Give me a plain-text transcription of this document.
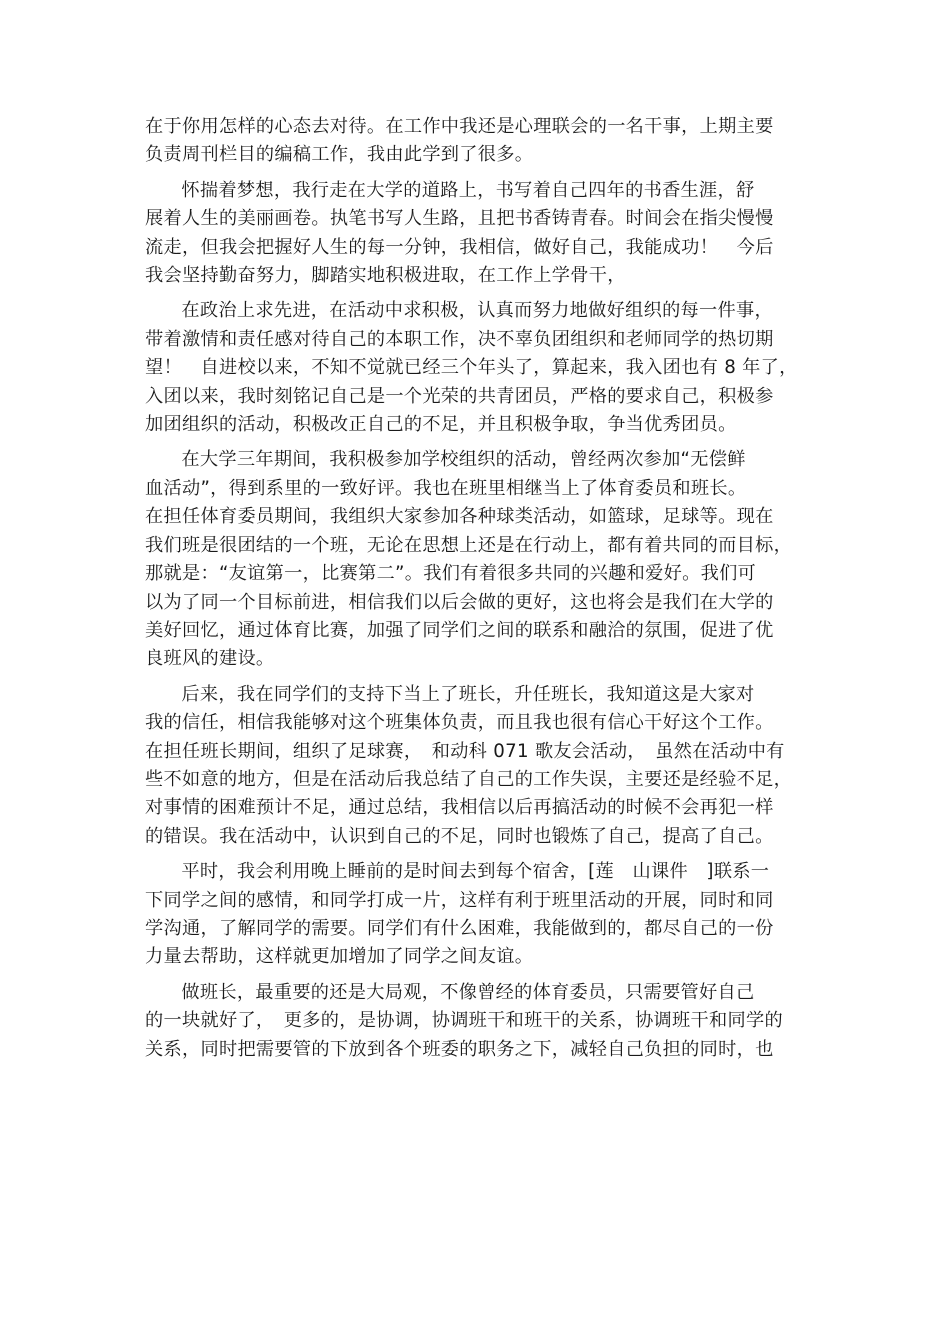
在于你用怎样的心态去对待。在工作中我还是心理联会的一名干事，上期主要
负责周刊栏目的编稿工作，我由此学到了很多。

怀揣着梦想，我行走在大学的道路上，书写着自己四年的书香生涯，舒
展着人生的美丽画卷。执笔书写人生路，且把书香铸青春。时间会在指尖慢慢
流走，但我会把握好人生的每一分钟，我相信，做好自己，我能成功！　今后
我会坚持勤奋努力，脚踏实地积极进取，在工作上学骨干，

在政治上求先进，在活动中求积极，认真而努力地做好组织的每一件事，
带着激情和责任感对待自己的本职工作，决不辜负团组织和老师同学的热切期
望！　自进校以来，不知不觉就已经三个年头了，算起来，我入团也有 8 年了，
入团以来，我时刻铭记自己是一个光荣的共青团员，严格的要求自己，积极参
加团组织的活动，积极改正自己的不足，并且积极争取，争当优秀团员。

在大学三年期间，我积极参加学校组织的活动，曾经两次参加“无偿鲜
血活动”，得到系里的一致好评。我也在班里相继当上了体育委员和班长。
在担任体育委员期间，我组织大家参加各种球类活动，如篮球，足球等。现在
我们班是很团结的一个班，无论在思想上还是在行动上，都有着共同的而目标，
那就是：“友谊第一，比赛第二”。我们有着很多共同的兴趣和爱好。我们可
以为了同一个目标前进，相信我们以后会做的更好，这也将会是我们在大学的
美好回忆，通过体育比赛，加强了同学们之间的联系和融洽的氛围，促进了优
良班风的建设。

后来，我在同学们的支持下当上了班长，升任班长，我知道这是大家对
我的信任，相信我能够对这个班集体负责，而且我也很有信心干好这个工作。
在担任班长期间，组织了足球赛，　和动科 071 歌友会活动，　虽然在活动中有
些不如意的地方，但是在活动后我总结了自己的工作失误，主要还是经验不足，
对事情的困难预计不足，通过总结，我相信以后再搞活动的时候不会再犯一样
的错误。我在活动中，认识到自己的不足，同时也锻炼了自己，提高了自己。

平时，我会利用晚上睡前的是时间去到每个宿舍，[莲　山课件　]联系一
下同学之间的感情，和同学打成一片，这样有利于班里活动的开展，同时和同
学沟通，了解同学的需要。同学们有什么困难，我能做到的，都尽自己的一份
力量去帮助，这样就更加增加了同学之间友谊。

做班长，最重要的还是大局观，不像曾经的体育委员，只需要管好自己
的一块就好了，　更多的，是协调，协调班干和班干的关系，协调班干和同学的
关系，同时把需要管的下放到各个班委的职务之下，减轻自己负担的同时，也
